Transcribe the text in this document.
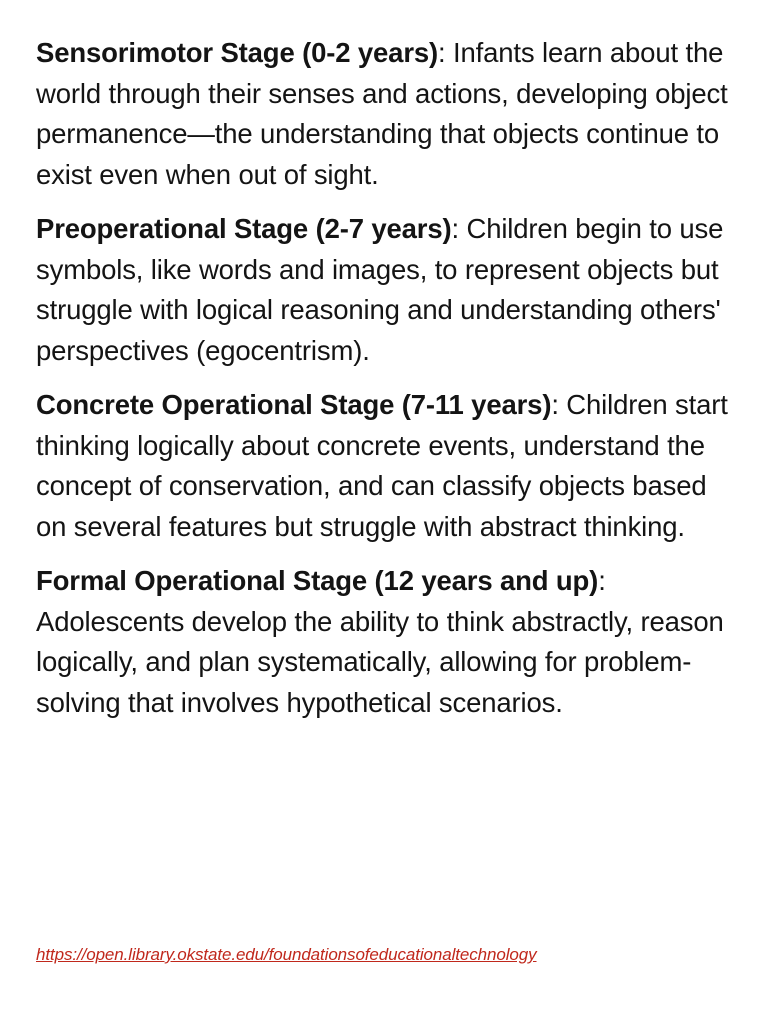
Sensorimotor Stage (0-2 years): Infants learn about the world through their senses and actions, developing object permanence—the understanding that objects continue to exist even when out of sight.

Preoperational Stage (2-7 years): Children begin to use symbols, like words and images, to represent objects but struggle with logical reasoning and understanding others' perspectives (egocentrism).

Concrete Operational Stage (7-11 years): Children start thinking logically about concrete events, understand the concept of conservation, and can classify objects based on several features but struggle with abstract thinking.

Formal Operational Stage (12 years and up): Adolescents develop the ability to think abstractly, reason logically, and plan systematically, allowing for problem-solving that involves hypothetical scenarios.

https://open.library.okstate.edu/foundationsofeducationaltechnology
